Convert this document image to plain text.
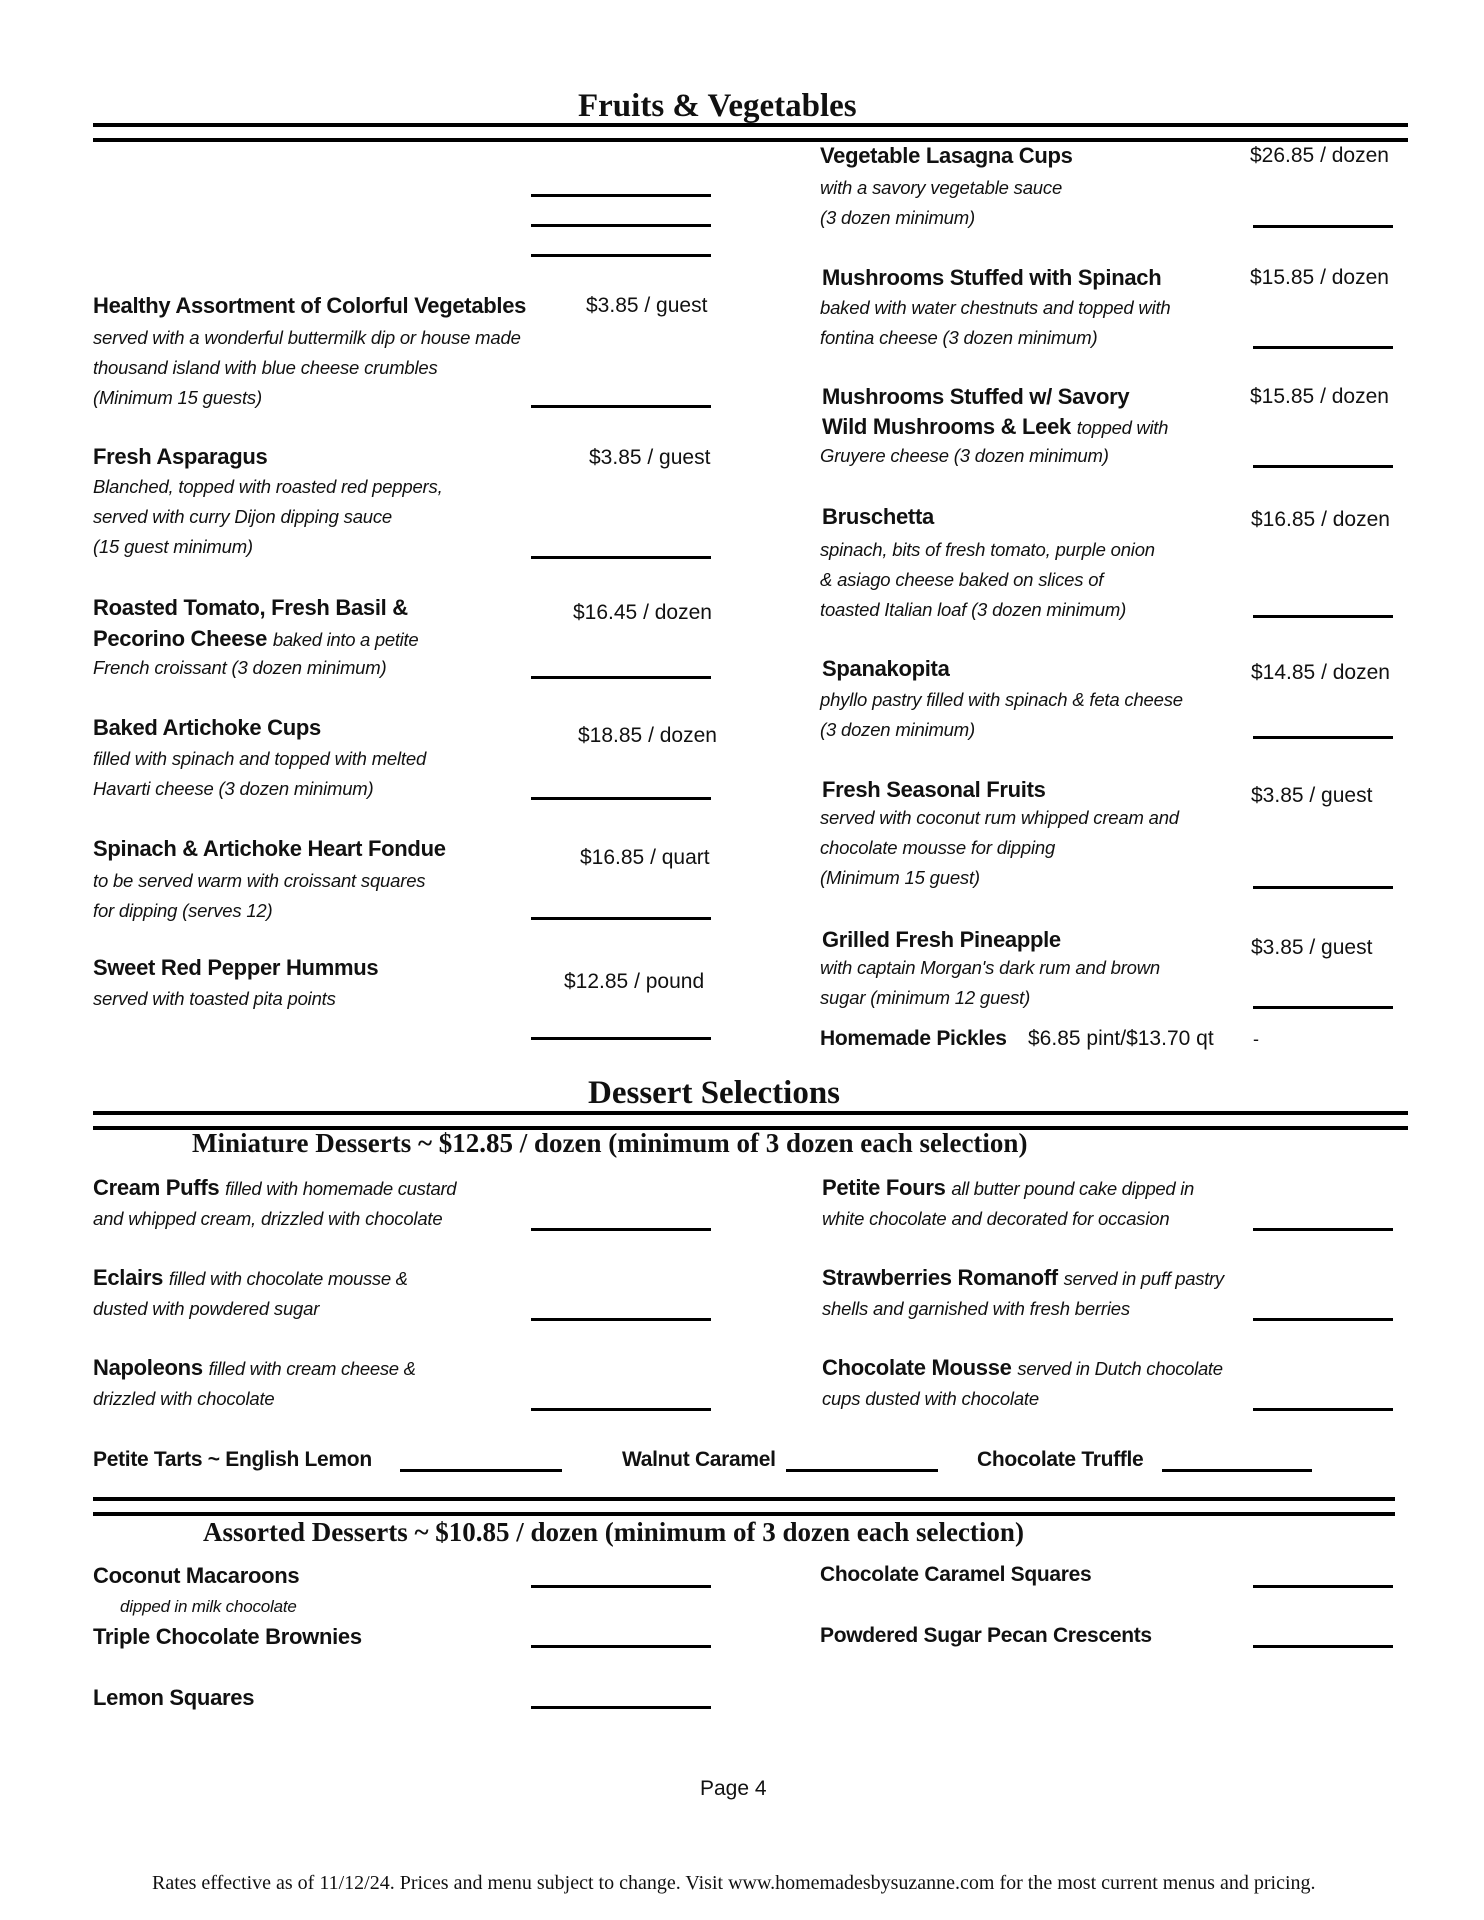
Fruits & Vegetables
Healthy Assortment of Colorful Vegetables	$3.85 / guest
served with a wonderful buttermilk dip or house made
thousand island with blue cheese crumbles
(Minimum 15 guests)
Fresh Asparagus	$3.85 / guest
Blanched, topped with roasted red peppers,
served with curry Dijon dipping sauce
(15 guest minimum)
Roasted Tomato, Fresh Basil &	$16.45 / dozen
Pecorino Cheese baked into a petite
French croissant (3 dozen minimum)
Baked Artichoke Cups	$18.85 / dozen
filled with spinach and topped with melted
Havarti cheese (3 dozen minimum)
Spinach & Artichoke Heart Fondue	$16.85 / quart
to be served warm with croissant squares
for dipping (serves 12)
Sweet Red Pepper Hummus
$12.85 / pound
served with toasted pita points
Vegetable Lasagna Cups	$26.85 / dozen
with a savory vegetable sauce
(3 dozen minimum)
Mushrooms Stuffed with Spinach	$15.85 / dozen
baked with water chestnuts and topped with
fontina cheese (3 dozen minimum)
Mushrooms Stuffed w/ Savory	$15.85 / dozen
Wild Mushrooms & Leek topped with
Gruyere cheese (3 dozen minimum)
Bruschetta	$16.85 / dozen
spinach, bits of fresh tomato, purple onion
& asiago cheese baked on slices of
toasted Italian loaf (3 dozen minimum)
Spanakopita	$14.85 / dozen
phyllo pastry filled with spinach & feta cheese
(3 dozen minimum)
Fresh Seasonal Fruits	$3.85 / guest
served with coconut rum whipped cream and
chocolate mousse for dipping
(Minimum 15 guest)
Grilled Fresh Pineapple	$3.85 / guest
with captain Morgan's dark rum and brown
sugar (minimum 12 guest)
Homemade Pickles $6.85 pint/$13.70 qt -
Dessert Selections
Miniature Desserts ~ $12.85 / dozen (minimum of 3 dozen each selection)
Cream Puffs filled with homemade custard
and whipped cream, drizzled with chocolate
Eclairs filled with chocolate mousse &
dusted with powdered sugar
Napoleons filled with cream cheese &
drizzled with chocolate
Petite Fours all butter pound cake dipped in
white chocolate and decorated for occasion
Strawberries Romanoff served in puff pastry
shells and garnished with fresh berries
Chocolate Mousse served in Dutch chocolate
cups dusted with chocolate
Petite Tarts ~ English Lemon	Walnut Caramel	Chocolate Truffle
Assorted Desserts ~ $10.85 / dozen (minimum of 3 dozen each selection)
Coconut Macaroons
dipped in milk chocolate
Triple Chocolate Brownies
Lemon Squares
Chocolate Caramel Squares
Powdered Sugar Pecan Crescents
Page 4
Rates effective as of 11/12/24. Prices and menu subject to change. Visit www.homemadesbysuzanne.com for the most current menus and pricing.
